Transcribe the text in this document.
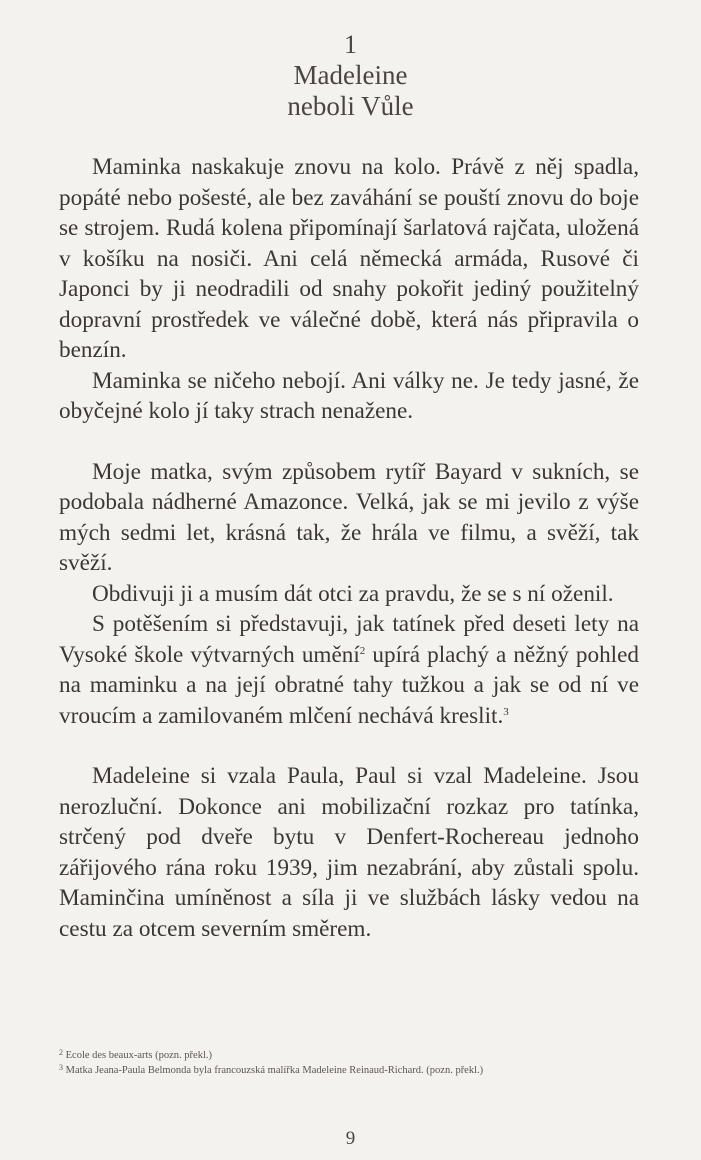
1
Madeleine
neboli Vůle

Maminka naskakuje znovu na kolo. Právě z něj spadla, popáté nebo pošesté, ale bez zaváhání se pouští znovu do boje se strojem. Rudá kolena připomínají šarlatová rajčata, uložená v košíku na nosiči. Ani celá německá armáda, Rusové či Japonci by ji neodradili od snahy pokořit jediný použitelný dopravní prostředek ve válečné době, která nás připravila o benzín.

Maminka se ničeho nebojí. Ani války ne. Je tedy jasné, že obyčejné kolo jí taky strach nenažene.

Moje matka, svým způsobem rytíř Bayard v sukních, se podobala nádherné Amazonce. Velká, jak se mi jevilo z výše mých sedmi let, krásná tak, že hrála ve filmu, a svěží, tak svěží.

Obdivuji ji a musím dát otci za pravdu, že se s ní oženil.

S potěšením si představuji, jak tatínek před deseti lety na Vysoké škole výtvarných umění$^2$ upírá plachý a něžný pohled na maminku a na její obratné tahy tužkou a jak se od ní ve vroucím a zamilovaném mlčení nechává kreslit.$^3$

Madeleine si vzala Paula, Paul si vzal Madeleine. Jsou nerozluční. Dokonce ani mobilizační rozkaz pro tatínka, strčený pod dveře bytu v Denfert-Rochereau jednoho zářijového rána roku 1939, jim nezabrání, aby zůstali spolu. Maminčina umíněnost a síla ji ve službách lásky vedou na cestu za otcem severním směrem.

$^2$ Ecole des beaux-arts (pozn. překl.)
$^3$ Matka Jeana-Paula Belmonda byla francouzská malířka Madeleine Reinaud-Richard. (pozn. překl.)
9
